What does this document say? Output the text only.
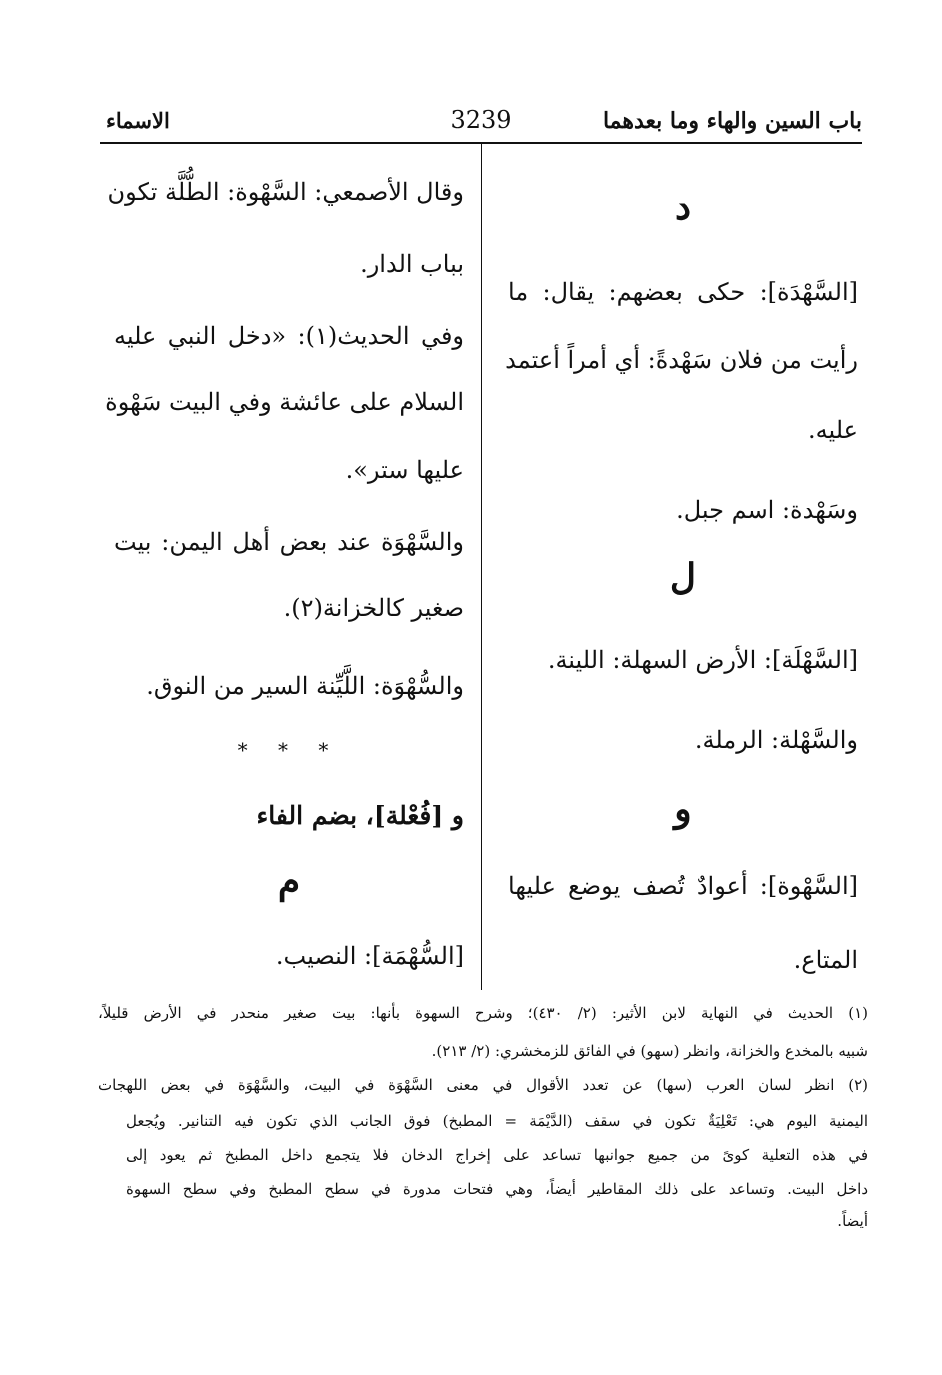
باب السين والهاء وما بعدهما
3239
الاسماء
د
[السَّهْدَة]: حكى بعضهم: يقال: ما
رأيت من فلان سَهْدةً: أي أمراً أعتمد
عليه.
وسَهْدة: اسم جبل.
ل
[السَّهْلَة]: الأرض السهلة: اللينة.
والسَّهْلة: الرملة.
و
[السَّهْوة]: أعوادٌ تُصف يوضع عليها
المتاع.
وقال الأصمعي: السَّهْوة: الطُّلَّة تكون
بباب الدار.
وفي الحديث(١): «دخل النبي عليه
السلام على عائشة وفي البيت سَهْوة
عليها ستر».
والسَّهْوَة عند بعض أهل اليمن: بيت
صغير كالخزانة(٢).
والسُّهْوَة: اللَّيِّنة السير من النوق.
* * *
و [فُعْلة]، بضم الفاء
م
[السُّهْمَة]: النصيب.
(١) الحديث في النهاية لابن الأثير: (٢/ ٤٣٠)؛ وشرح السهوة بأنها: بيت صغير منحدر في الأرض قليلاً،
شبيه بالمخدع والخزانة، وانظر (سهو) في الفائق للزمخشري: (٢/ ٢١٣).
(٢) انظر لسان العرب (سها) عن تعدد الأقوال في معنى السَّهْوَة في البيت، والسَّهْوَة في بعض اللهجات
اليمنية اليوم هي: تَعْلِيَةٌ تكون في سقف (الدَّيْمَة = المطبخ) فوق الجانب الذي تكون فيه التنانير. ويُجعل
في هذه التعلية كوىً من جميع جوانبها تساعد على إخراج الدخان فلا يتجمع داخل المطبخ ثم يعود إلى
داخل البيت. وتساعد على ذلك المقاطير أيضاً، وهي فتحات مدورة في سطح المطبخ وفي سطح السهوة
أيضاً.
